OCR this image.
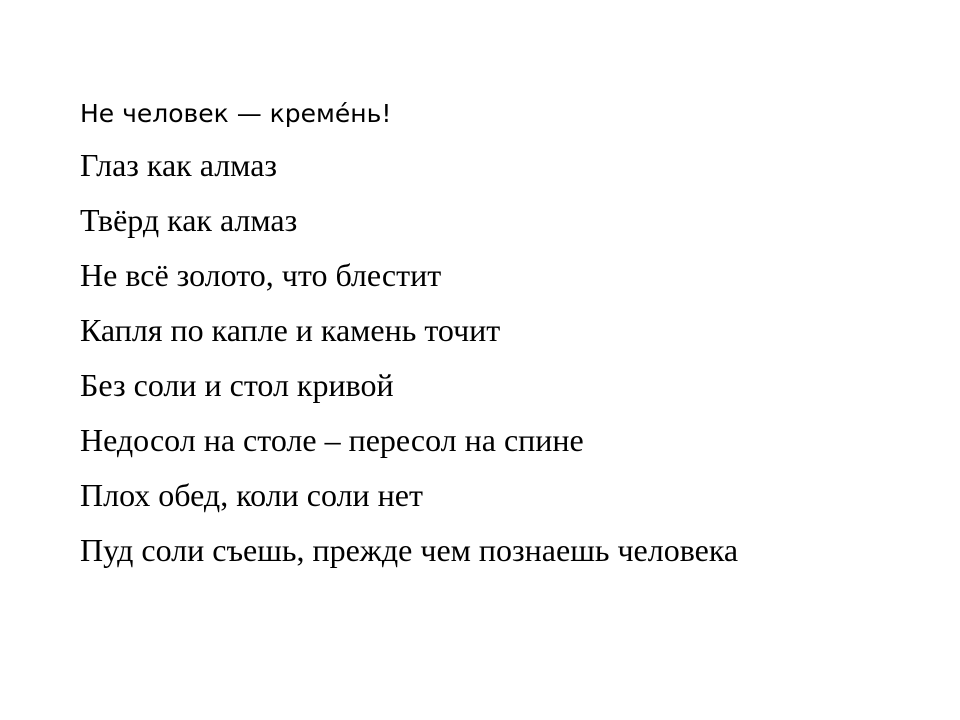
Не человек — креме́нь!

Глаз как алмаз

Твёрд как алмаз

Не всё золото, что блестит

Капля по капле и камень точит

Без соли и стол кривой

Недосол на столе – пересол на спине

Плох обед, коли соли нет

Пуд соли съешь, прежде чем познаешь человека
